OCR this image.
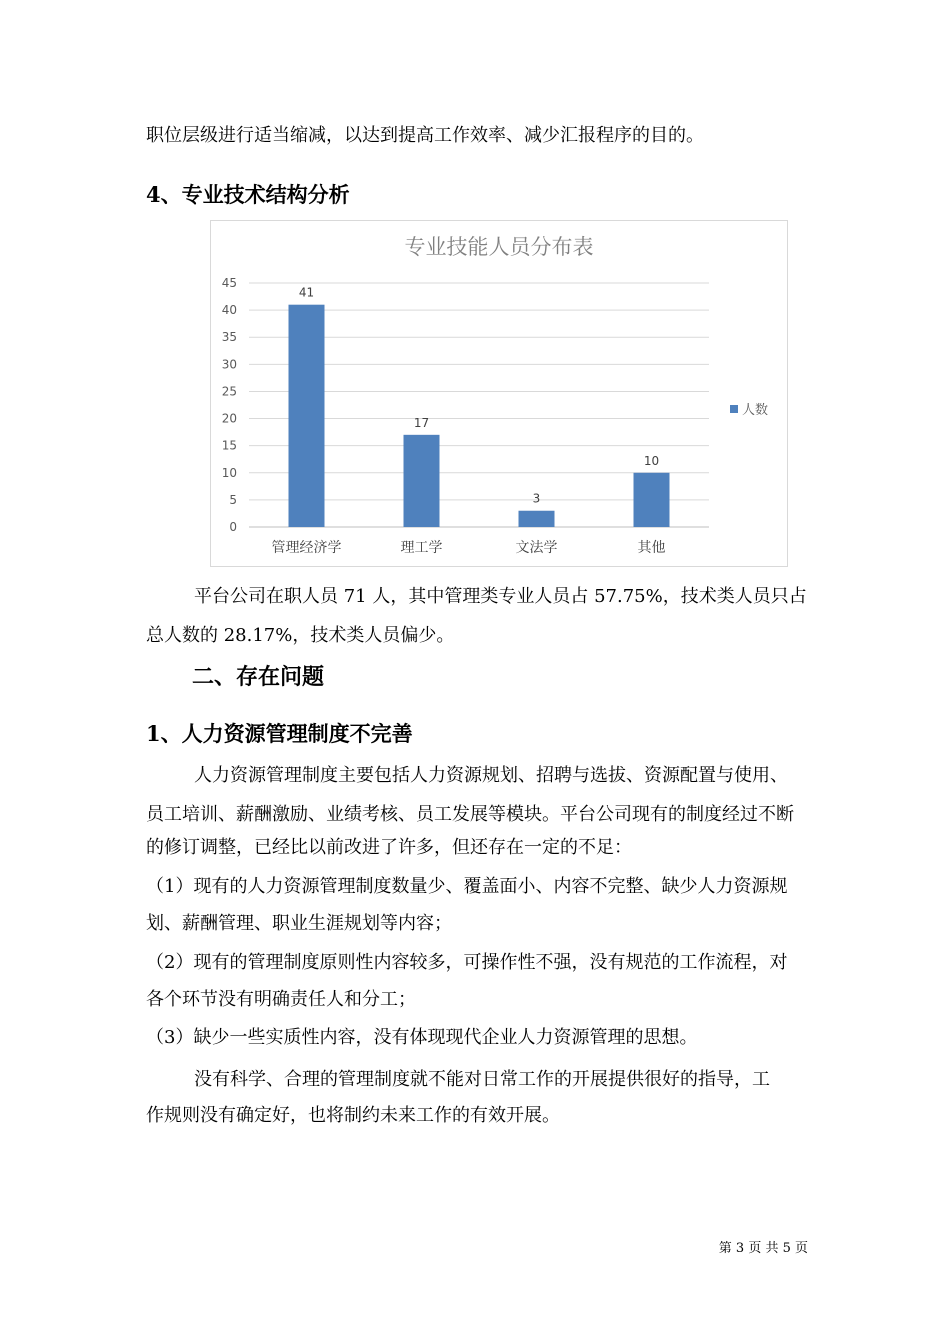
职位层级进行适当缩减，以达到提高工作效率、减少汇报程序的目的。

4、专业技术结构分析

专业技能人员分布表
0
5
10
15
20
25
30
35
40
45
41
17
3
10
管理经济学	理工学	文法学	其他
人数

平台公司在职人员 71 人，其中管理类专业人员占 57.75%，技术类人员只占

总人数的 28.17%，技术类人员偏少。

二、存在问题

1、人力资源管理制度不完善

人力资源管理制度主要包括人力资源规划、招聘与选拔、资源配置与使用、

员工培训、薪酬激励、业绩考核、员工发展等模块。平台公司现有的制度经过不断

的修订调整，已经比以前改进了许多，但还存在一定的不足：

（1）现有的人力资源管理制度数量少、覆盖面小、内容不完整、缺少人力资源规

划、薪酬管理、职业生涯规划等内容；

（2）现有的管理制度原则性内容较多，可操作性不强，没有规范的工作流程，对

各个环节没有明确责任人和分工；

（3）缺少一些实质性内容，没有体现现代企业人力资源管理的思想。

没有科学、合理的管理制度就不能对日常工作的开展提供很好的指导，工

作规则没有确定好，也将制约未来工作的有效开展。

第 3 页 共 5 页
